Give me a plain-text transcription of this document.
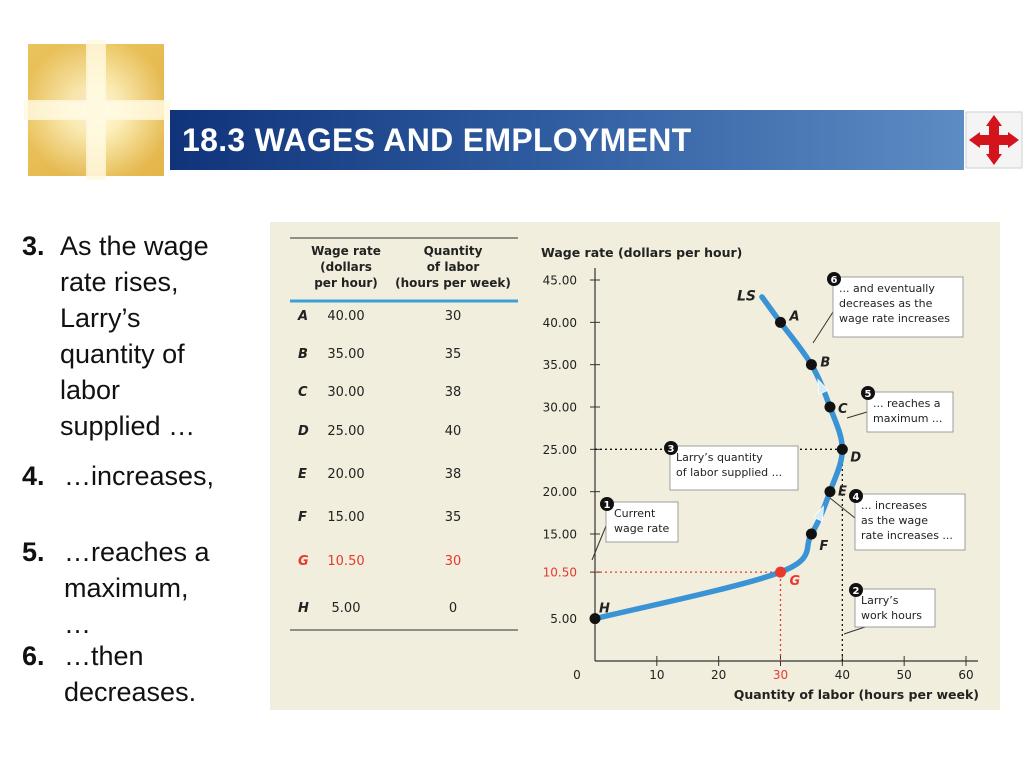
18.3 WAGES AND EMPLOYMENT
3. As the wage
rate rises,
Larry’s
quantity of
labor
supplied …
4. …increases,
5. …reaches a
maximum,
…
6. …then
decreases.
Wage rate
(dollars
per hour)
Quantity
of labor
(hours per week)
A 40.00	30
B 35.00	35
C 30.00	38
D 25.00	40
E 20.00	38
F 15.00	35
G 10.50	30
H 5.00	0
Wage rate (dollars per hour)
Quantity of labor (hours per week)
5.00
10.50
15.00
20.00
25.00
30.00
35.00
40.00
45.00
0	10	20	30	40	50	60
LS
H
G
F
E
D
C
B
A
Current
wage rate
1
Larry’s
work hours
2
Larry’s quantity
of labor supplied ...
3
... increases
as the wage
rate increases ...
4
... reaches a
maximum ...
5
... and eventually
decreases as the
wage rate increases
6
